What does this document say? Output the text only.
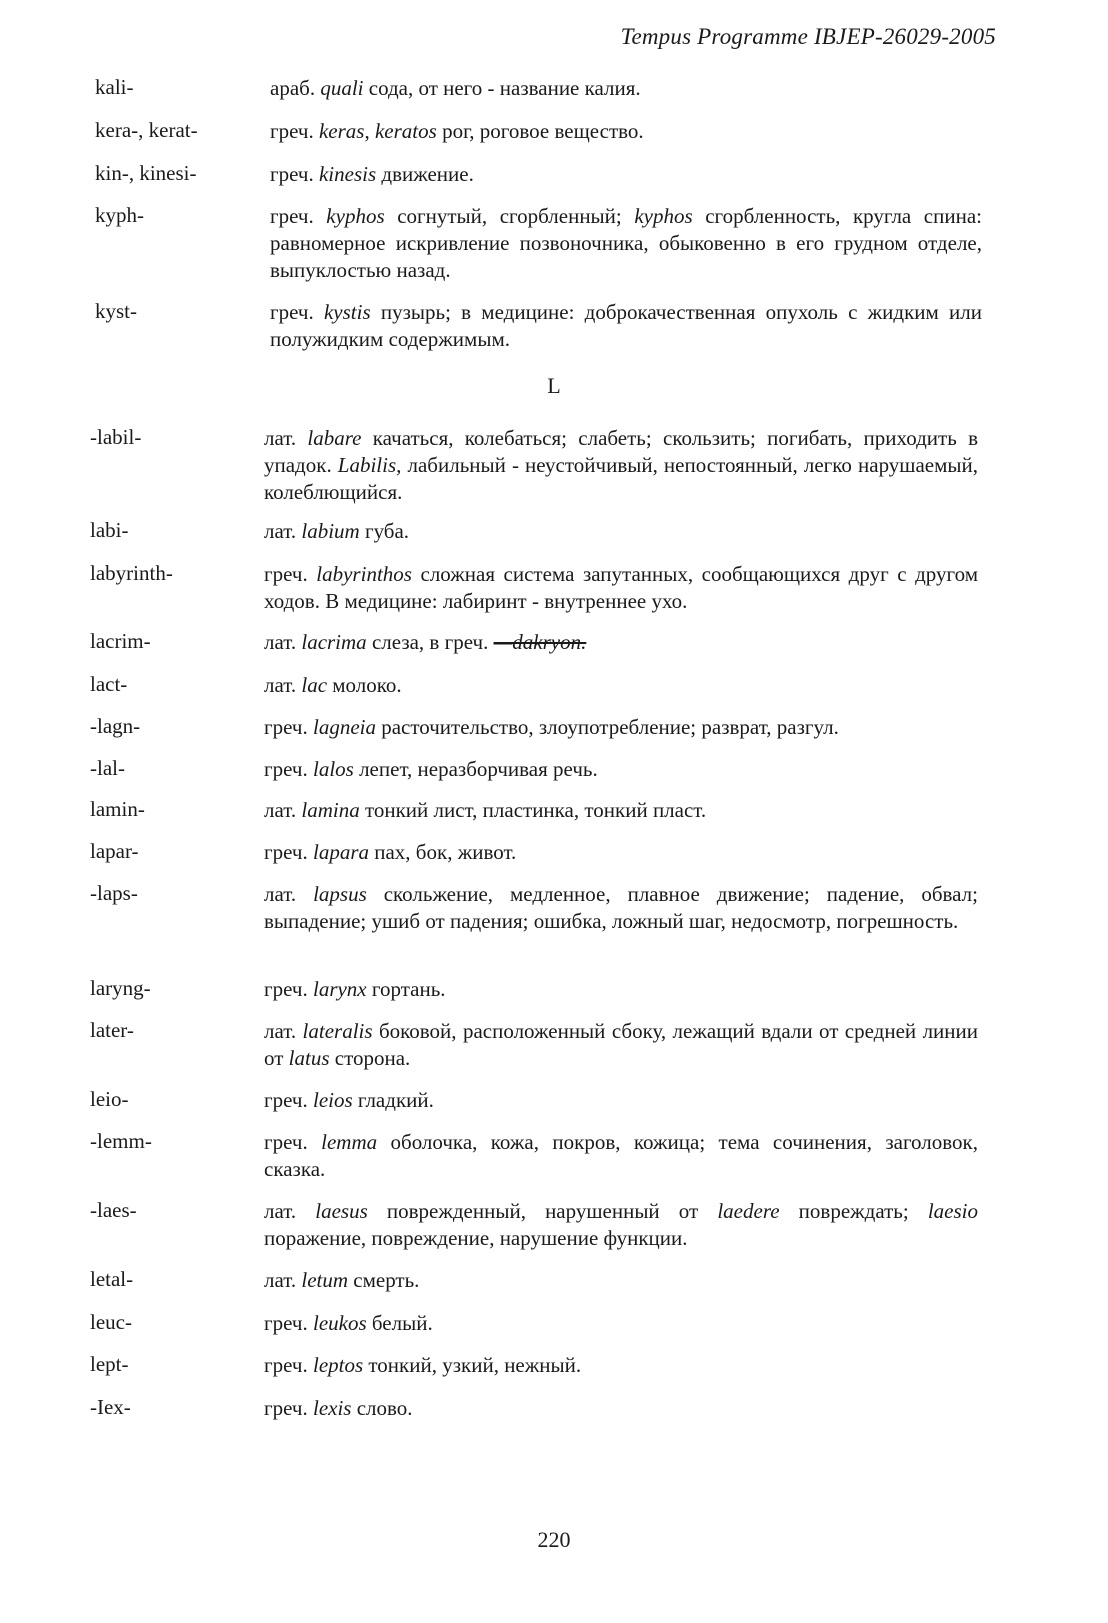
Tempus Programme IBJEP-26029-2005
kali-	араб. quali сода, от него - название калия.
kera-, kerat-	греч. keras, keratos рог, роговое вещество.
kin-, kinesi-	греч. kinesis движение.
kyph-	греч. kyphos согнутый, сгорбленный; kyphos сгорбленность, кругла спина: равномерное искривление позвоночника, обыковенно в его грудном отделе, выпуклостью назад.
kyst-	греч. kystis пузырь; в медицине: доброкачественная опухоль с жидким или полужидким содержимым.
-labil-	лат. labare качаться, колебаться; слабеть; скользить; погибать, приходить в упадок. Labilis, лабильный - неустойчивый, непостоянный, легко нарушаемый, колеблющийся.
labi-	лат. labium губа.
labyrinth-	греч. labyrinthos сложная система запутанных, сообщающихся друг с другом ходов. В медицине: лабиринт - внутреннее ухо.
lacrim-	лат. lacrima слеза, в греч. —dakryon.
lact-	лат. lac молоко.
-lagn-	греч. lagneia расточительство, злоупотребление; разврат, разгул.
-lal-	греч. lalos лепет, неразборчивая речь.
lamin-	лат. lamina тонкий лист, пластинка, тонкий пласт.
lapar-	греч. lapara пах, бок, живот.
-laps-	лат. lapsus скольжение, медленное, плавное движение; падение, обвал; выпадение; ушиб от падения; ошибка, ложный шаг, недосмотр, погрешность.
laryng-	греч. larynx гортань.
later-	лат. lateralis боковой, расположенный сбоку, лежащий вдали от средней линии от latus сторона.
leio-	греч. leios гладкий.
-lemm-	греч. lemma оболочка, кожа, покров, кожица; тема сочинения, заголовок, сказка.
-laes-	лат. laesus поврежденный, нарушенный от laedere повреждать; laesio поражение, повреждение, нарушение функции.
letal-	лат. letum смерть.
leuc-	греч. leukos белый.
lept-	греч. leptos тонкий, узкий, нежный.
-Iex-	греч. lexis слово.
L
220
